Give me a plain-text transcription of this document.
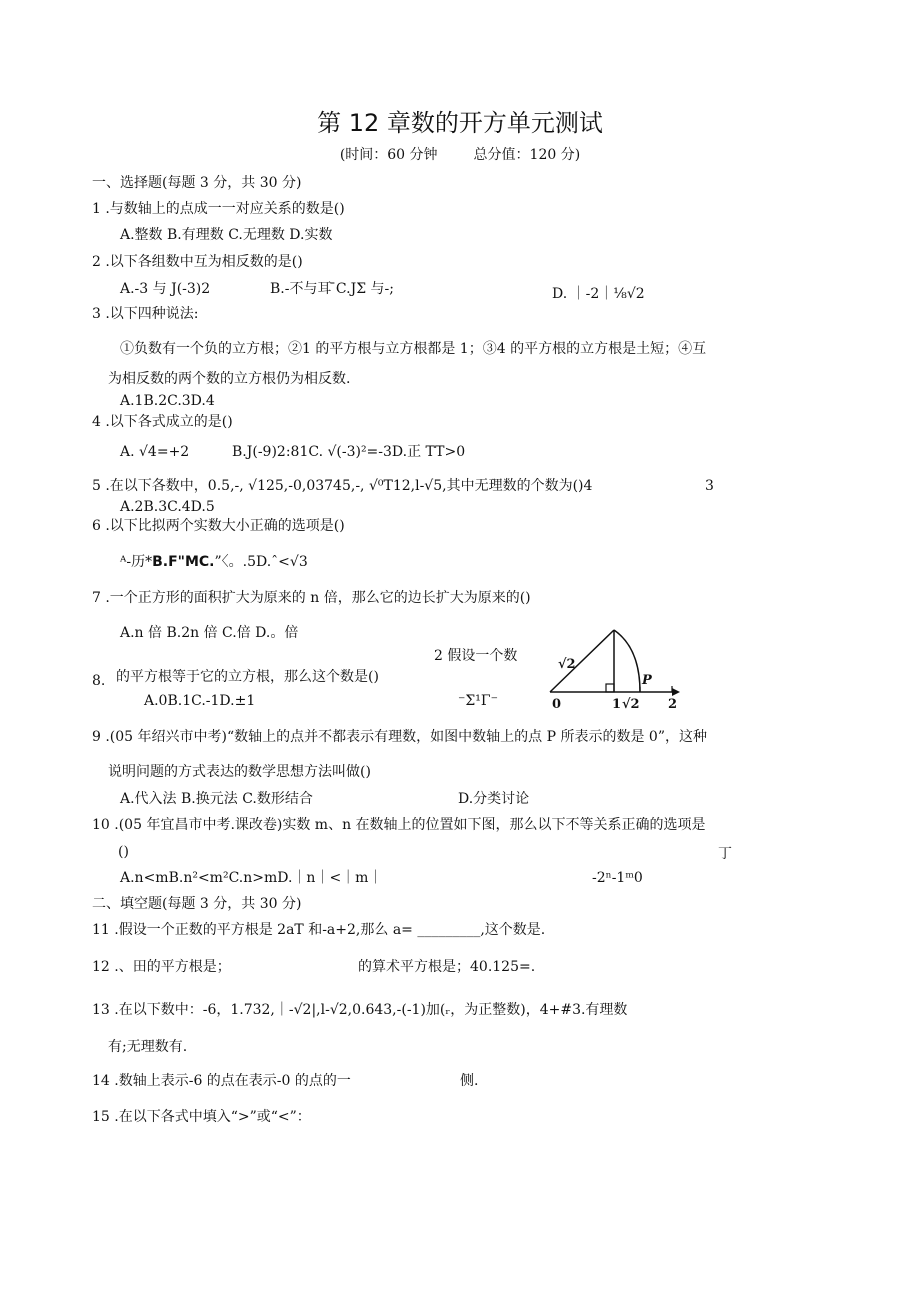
第 12 章数的开方单元测试
(时间：60 分钟	总分值：120 分)
一、选择题(每题 3 分，共 30 分)
1 .与数轴上的点成一一对应关系的数是()
A.整数 B.有理数 C.无理数 D.实数
2 .以下各组数中互为相反数的是()
A.-3 与 J(-3)2	B.-不与耳 ̄C.JΣ 与-;	D. ｜-2｜⅛√2
3 .以下四种说法:
①负数有一个负的立方根；②1 的平方根与立方根都是 1；③4 的平方根的立方根是土短；④互
为相反数的两个数的立方根仍为相反数.
A.1B.2C.3D.4
4 .以下各式成立的是()
A. √4=+2	B.J(-9)2:81C. √(-3)²=-3D.正 TT>0
5 .在以下各数中，0.5,-, √125,-0,03745,-, √⁰T12,l-√5,其中无理数的个数为()4	3
A.2B.3C.4D.5
6 .以下比拟两个实数大小正确的选项是()
ᴬ-历*B.F"MC.”〈。.5D.ˆ<√3
7 .一个正方形的面积扩大为原来的 n 倍，那么它的边长扩大为原来的()
A.n 倍 B.2n 倍 C.倍 D.。倍
2 假设一个数
8. 的平方根等于它的立方根，那么这个数是()
A.0B.1C.-1D.±1	⁻Σ¹Γ⁻
√2
P
0	1 √2 2
9 .(05 年绍兴市中考)“数轴上的点并不都表示有理数，如图中数轴上的点 P 所表示的数是 0”，这种
说明问题的方式表达的数学思想方法叫做()
A.代入法 B.换元法 C.数形结合	D.分类讨论
10 .(05 年宜昌市中考.课改卷)实数 m、n 在数轴上的位置如下图，那么以下不等关系正确的选项是
()	丁
A.n<mB.n²<m²C.n>mD.｜n｜<｜m｜	-2ⁿ-1ᵐ0
二、填空题(每题 3 分，共 30 分)
11 .假设一个正数的平方根是 2aT 和-a+2,那么 a= _________,这个数是.
12 .、田的平方根是；	的算术平方根是；40.125=.
13 .在以下数中：-6，1.732,｜-√2|,l-√2,0.643,-(-1)加(ᵣ，为正整数)，4+#3.有理数
有;无理数有.
14 .数轴上表示-6 的点在表示-0 的点的一	侧.
15 .在以下各式中填入“>”或“<”：
